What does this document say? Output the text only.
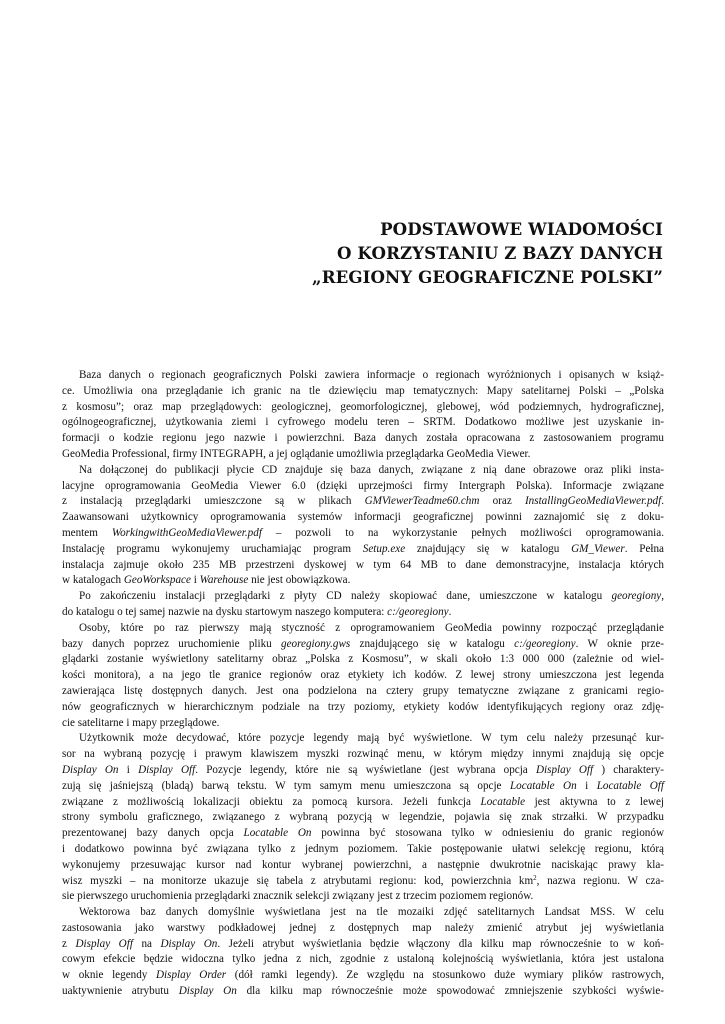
PODSTAWOWE WIADOMOŚCI
O KORZYSTANIU Z BAZY DANYCH
„REGIONY GEOGRAFICZNE POLSKI”
Baza danych o regionach geograficznych Polski zawiera informacje o regionach wyróżnionych i opisanych w książ-
ce. Umożliwia ona przeglądanie ich granic na tle dziewięciu map tematycznych: Mapy satelitarnej Polski – „Polska
z kosmosu”; oraz map przeglądowych: geologicznej, geomorfologicznej, glebowej, wód podziemnych, hydrograficznej,
ogólnogeograficznej, użytkowania ziemi i cyfrowego modelu teren – SRTM. Dodatkowo możliwe jest uzyskanie in-
formacji o kodzie regionu jego nazwie i powierzchni. Baza danych została opracowana z zastosowaniem programu
GeoMedia Professional, firmy INTEGRAPH, a jej oglądanie umożliwia przeglądarka GeoMedia Viewer.
Na dołączonej do publikacji płycie CD znajduje się baza danych, związane z nią dane obrazowe oraz pliki insta-
lacyjne oprogramowania GeoMedia Viewer 6.0 (dzięki uprzejmości firmy Intergraph Polska). Informacje związane
z instalacją przeglądarki umieszczone są w plikach GMViewerTeadme60.chm oraz InstallingGeoMediaViewer.pdf.
Zaawansowani użytkownicy oprogramowania systemów informacji geograficznej powinni zaznajomić się z doku-
mentem WorkingwithGeoMediaViewer.pdf – pozwoli to na wykorzystanie pełnych możliwości oprogramowania.
Instalację programu wykonujemy uruchamiając program Setup.exe znajdujący się w katalogu GM_Viewer. Pełna
instalacja zajmuje około 235 MB przestrzeni dyskowej w tym 64 MB to dane demonstracyjne, instalacja których
w katalogach GeoWorkspace i Warehouse nie jest obowiązkowa.
Po zakończeniu instalacji przeglądarki z płyty CD należy skopiować dane, umieszczone w katalogu georegiony,
do katalogu o tej samej nazwie na dysku startowym naszego komputera: c:/georegiony.
Osoby, które po raz pierwszy mają styczność z oprogramowaniem GeoMedia powinny rozpocząć przeglądanie
bazy danych poprzez uruchomienie pliku georegiony.gws znajdującego się w katalogu c:/georegiony. W oknie prze-
glądarki zostanie wyświetlony satelitarny obraz „Polska z Kosmosu”, w skali około 1:3 000 000 (zależnie od wiel-
kości monitora), a na jego tle granice regionów oraz etykiety ich kodów. Z lewej strony umieszczona jest legenda
zawierająca listę dostępnych danych. Jest ona podzielona na cztery grupy tematyczne związane z granicami regio-
nów geograficznych w hierarchicznym podziale na trzy poziomy, etykiety kodów identyfikujących regiony oraz zdję-
cie satelitarne i mapy przeglądowe.
Użytkownik może decydować, które pozycje legendy mają być wyświetlone. W tym celu należy przesunąć kur-
sor na wybraną pozycję i prawym klawiszem myszki rozwinąć menu, w którym między innymi znajdują się opcje
Display On i Display Off. Pozycje legendy, które nie są wyświetlane (jest wybrana opcja Display Off ) charaktery-
zują się jaśniejszą (bladą) barwą tekstu. W tym samym menu umieszczona są opcje Locatable On i Locatable Off
związane z możliwością lokalizacji obiektu za pomocą kursora. Jeżeli funkcja Locatable jest aktywna to z lewej
strony symbolu graficznego, związanego z wybraną pozycją w legendzie, pojawia się znak strzałki. W przypadku
prezentowanej bazy danych opcja Locatable On powinna być stosowana tylko w odniesieniu do granic regionów
i dodatkowo powinna być związana tylko z jednym poziomem. Takie postępowanie ułatwi selekcję regionu, którą
wykonujemy przesuwając kursor nad kontur wybranej powierzchni, a następnie dwukrotnie naciskając prawy kla-
wisz myszki – na monitorze ukazuje się tabela z atrybutami regionu: kod, powierzchnia $km^2$, nazwa regionu. W cza-
sie pierwszego uruchomienia przeglądarki znacznik selekcji związany jest z trzecim poziomem regionów.
Wektorowa baz danych domyślnie wyświetlana jest na tle mozaiki zdjęć satelitarnych Landsat MSS. W celu
zastosowania jako warstwy podkładowej jednej z dostępnych map należy zmienić atrybut jej wyświetlania
z Display Off na Display On. Jeżeli atrybut wyświetlania będzie włączony dla kilku map równocześnie to w koń-
cowym efekcie będzie widoczna tylko jedna z nich, zgodnie z ustaloną kolejnością wyświetlania, która jest ustalona
w oknie legendy Display Order (dół ramki legendy). Ze względu na stosunkowo duże wymiary plików rastrowych,
uaktywnienie atrybutu Display On dla kilku map równocześnie może spowodować zmniejszenie szybkości wyświe-
